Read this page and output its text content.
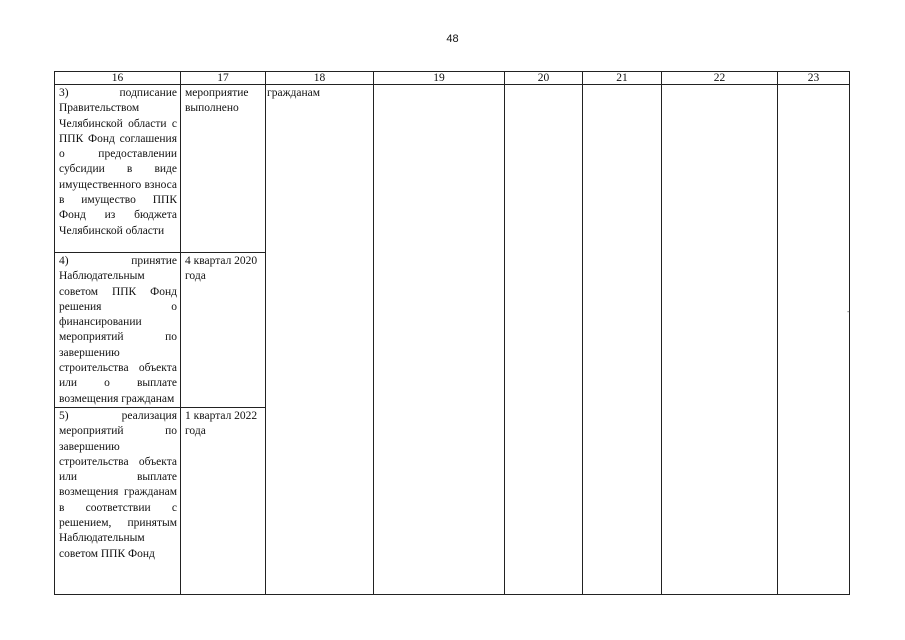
48
16	17	18	19	20	21	22	23

3) подписание Правительством Челябинской области с ППК Фонд соглашения о предоставлении субсидии в виде имущественного взноса в имущество ППК Фонд из бюджета Челябинской области	мероприятие выполнено	гражданам					

4) принятие Наблюдательным советом ППК Фонд решения о финансировании мероприятий по завершению строительства объекта или о выплате возмещения гражданам	4 квартал 2020 года						

5) реализация мероприятий по завершению строительства объекта или выплате возмещения гражданам в соответствии с решением, принятым Наблюдательным советом ППК Фонд	1 квартал 2022 года						
‐
